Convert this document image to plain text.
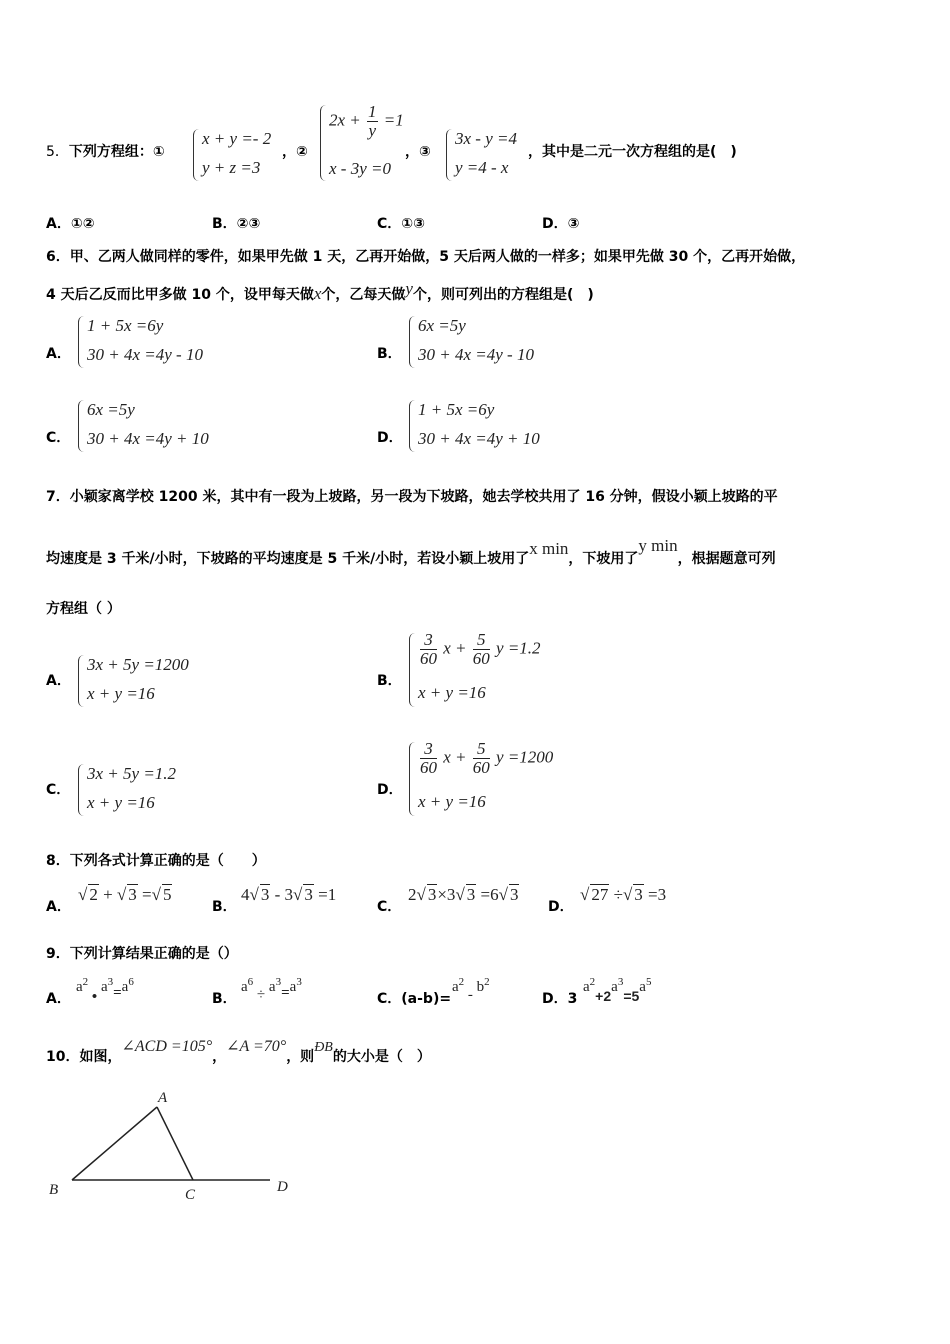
5．下列方程组：①
x + y =- 2
y + z =3
，②
$2x + \frac{1}{y} =1$
x - 3y =0
，③
3x - y =4
y =4 - x
，其中是二元一次方程组的是(　)
A．①②	B．②③	C．①③	D．③
6．甲、乙两人做同样的零件，如果甲先做 1 天，乙再开始做，5 天后两人做的一样多；如果甲先做 30 个，乙再开始做，
4 天后乙反而比甲多做 10 个，设甲每天做x个，乙每天做y个，则可列出的方程组是(　)
A．
1 + 5x =6y
30 + 4x =4y - 10	B．
6x =5y
30 + 4x =4y - 10
C．
6x =5y
30 + 4x =4y + 10	D．
1 + 5x =6y
30 + 4x =4y + 10
7．小颖家离学校 1200 米，其中有一段为上坡路，另一段为下坡路，她去学校共用了 16 分钟，假设小颖上坡路的平
均速度是 3 千米/小时，下坡路的平均速度是 5 千米/小时，若设小颖上坡用了x min，下坡用了y min，根据题意可列
方程组（ ）
A．
3x + 5y =1200
x + y =16
B．
$\frac{3}{60}$ $x + \frac{5}{60}$ y =1.2
x + y =16
C．
3x + 5y =1.2
x + y =16
D．
$\frac{3}{60}$ $x + \frac{5}{60}$ y =1200
x + y =16
8．下列各式计算正确的是（　　）
A．
√ 2 + √ 3 =√ 5
B．
4√ 3 - 3√ 3 =1
C．
2√ 3×3√ 3 =6√ 3
D．
√ 27 ÷√ 3 =3
9．下列计算结果正确的是（）
A．
$a^2$ • $a^3=a^6$
B．
$a^6 \div a^3=a^3$
C．(a-b)=
$a^2 - b^2$
D．3
$a^2+2a^3=5a^5$
10．如图，∠ACD =105°，∠A =70°，则ÐB的大小是（　）
A
B	C	D
